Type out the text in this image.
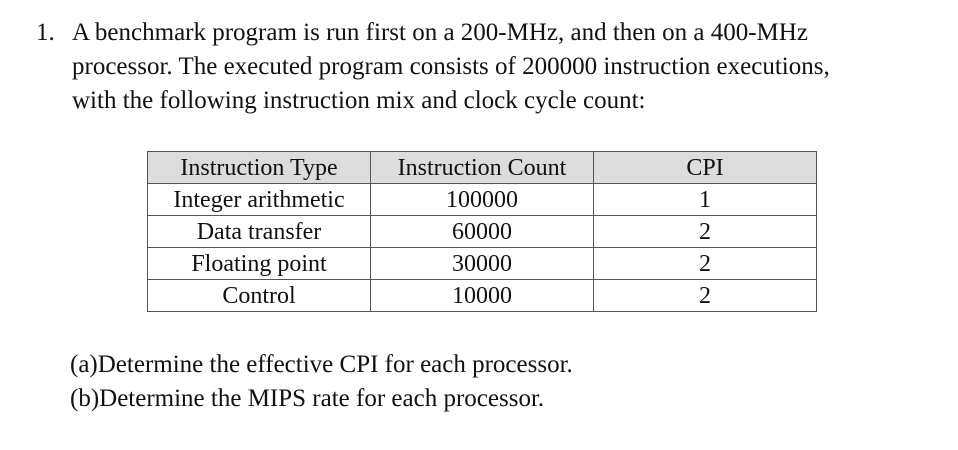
1. A benchmark program is run first on a 200-MHz, and then on a 400-MHz
processor. The executed program consists of 200000 instruction executions,
with the following instruction mix and clock cycle count:
Instruction Type	Instruction Count	CPI
Integer arithmetic	100000	1
Data transfer	60000	2
Floating point	30000	2
Control	10000	2
(a)Determine the effective CPI for each processor.
(b)Determine the MIPS rate for each processor.
